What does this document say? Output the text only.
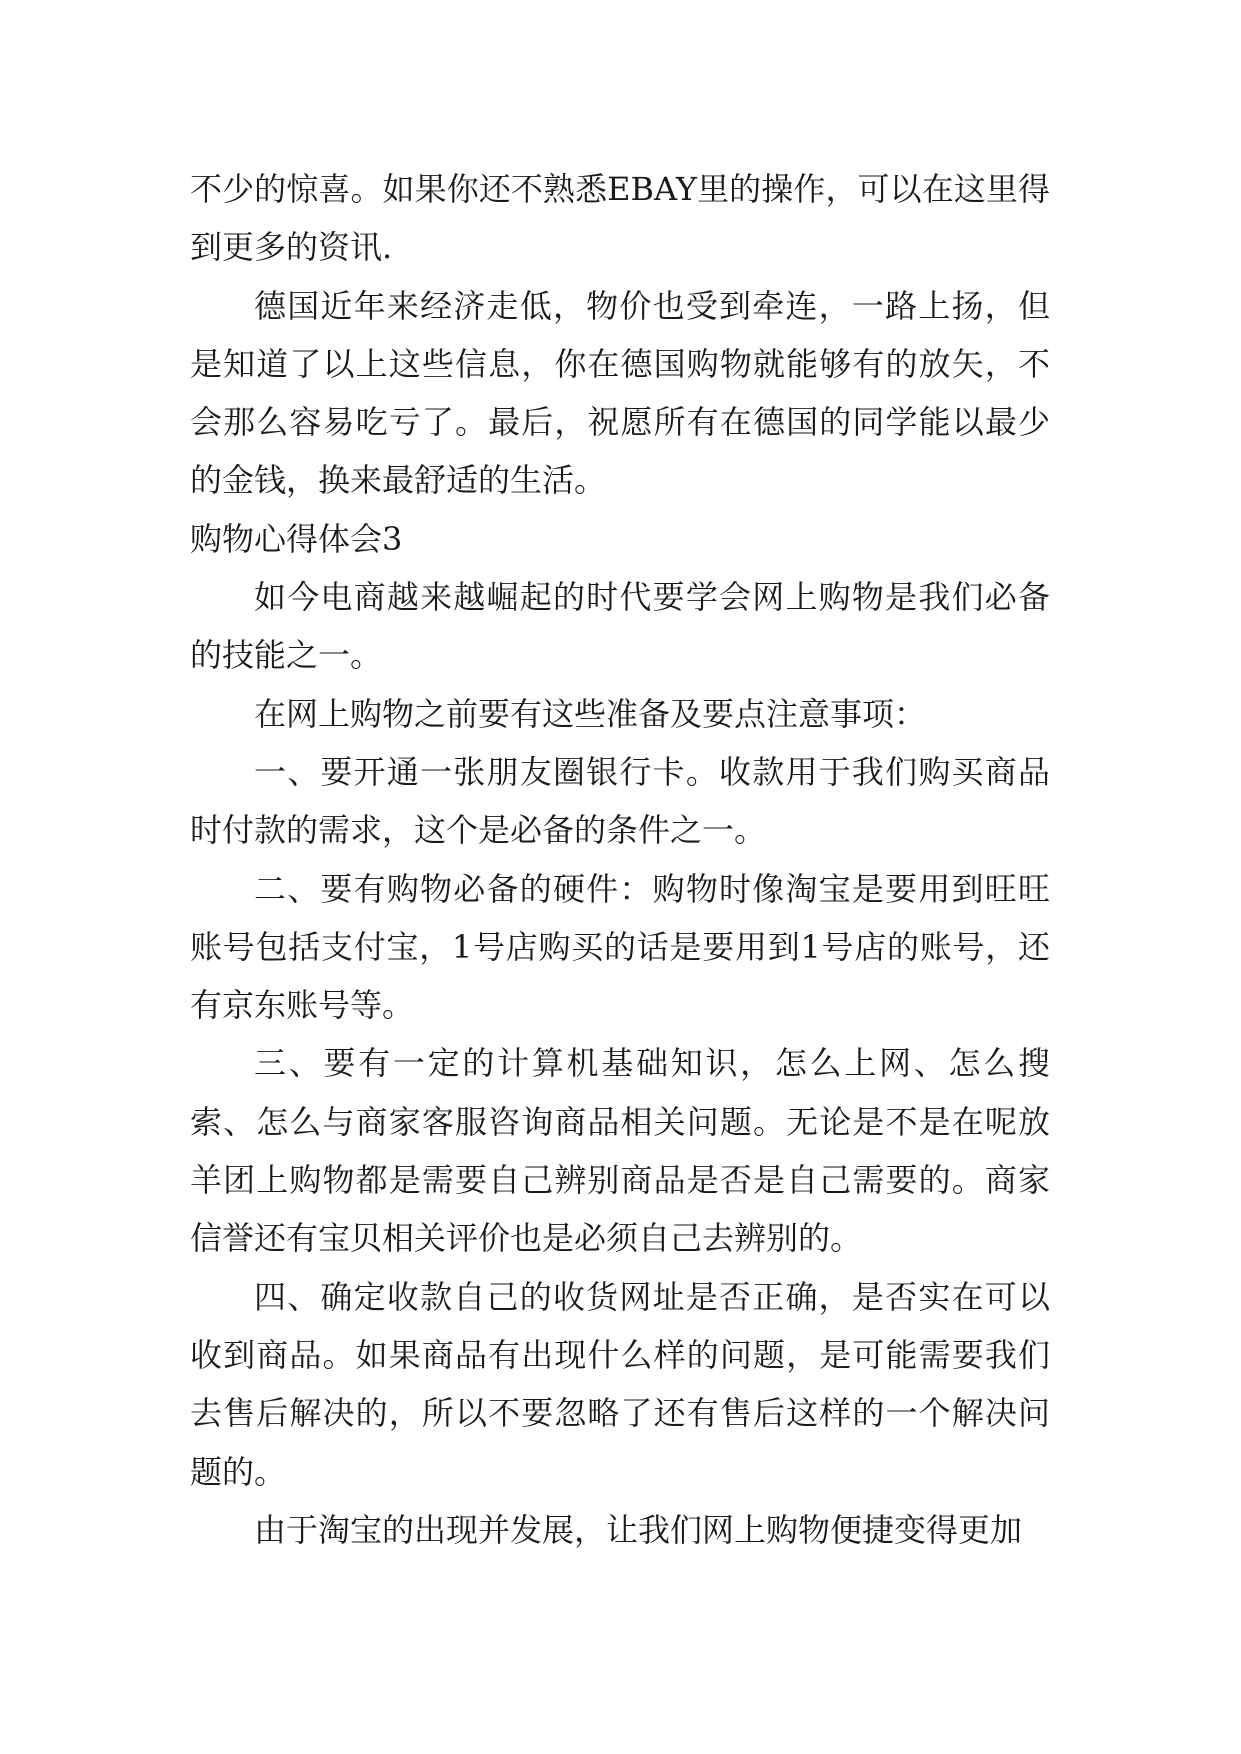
不少的惊喜。如果你还不熟悉EBAY里的操作，可以在这里得到更多的资讯.

德国近年来经济走低，物价也受到牵连，一路上扬，但是知道了以上这些信息，你在德国购物就能够有的放矢，不会那么容易吃亏了。最后，祝愿所有在德国的同学能以最少的金钱，换来最舒适的生活。

购物心得体会3

如今电商越来越崛起的时代要学会网上购物是我们必备的技能之一。

在网上购物之前要有这些准备及要点注意事项：

一、要开通一张朋友圈银行卡。收款用于我们购买商品时付款的需求，这个是必备的条件之一。

二、要有购物必备的硬件：购物时像淘宝是要用到旺旺账号包括支付宝，1号店购买的话是要用到1号店的账号，还有京东账号等。

三、要有一定的计算机基础知识，怎么上网、怎么搜索、怎么与商家客服咨询商品相关问题。无论是不是在呢放羊团上购物都是需要自己辨别商品是否是自己需要的。商家信誉还有宝贝相关评价也是必须自己去辨别的。

四、确定收款自己的收货网址是否正确，是否实在可以收到商品。如果商品有出现什么样的问题，是可能需要我们去售后解决的，所以不要忽略了还有售后这样的一个解决问题的。

由于淘宝的出现并发展，让我们网上购物便捷变得更加
